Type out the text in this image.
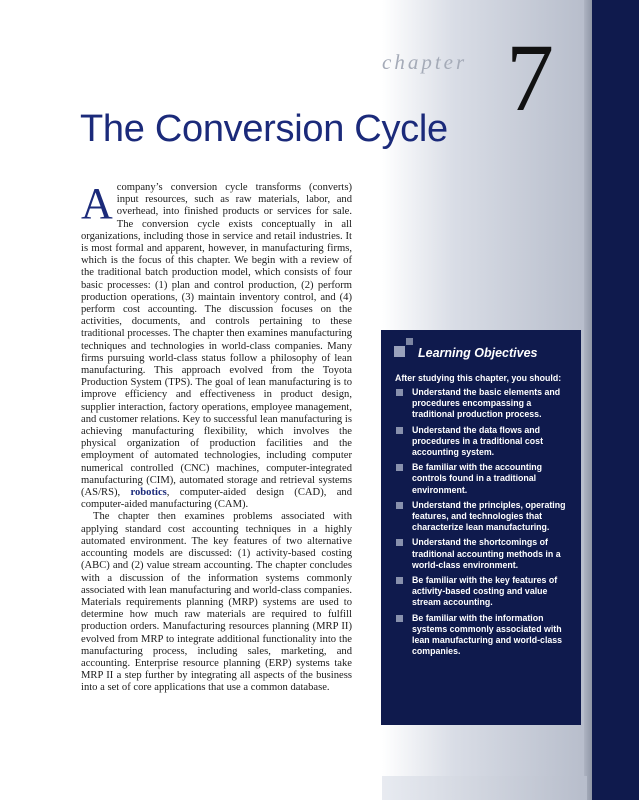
chapter 7
The Conversion Cycle

Acompany’s conversion cycle transforms (converts) input resources, such as raw materials, labor, and overhead, into finished products or services for sale. The conversion cycle exists conceptually in all organizations, including those in service and retail industries. It is most formal and apparent, however, in manufacturing firms, which is the focus of this chapter. We begin with a review of the traditional batch production model, which consists of four basic processes: (1) plan and control production, (2) perform production operations, (3) maintain inventory control, and (4) perform cost accounting. The discussion focuses on the activities, documents, and controls pertaining to these traditional processes. The chapter then examines manufacturing techniques and technologies in world-class companies. Many firms pursuing world-class status follow a philosophy of lean manufacturing. This approach evolved from the Toyota Production System (TPS). The goal of lean manufacturing is to improve efficiency and effectiveness in product design, supplier interaction, factory operations, employee management, and customer relations. Key to successful lean manufacturing is achieving manufacturing flexibility, which involves the physical organization of production facilities and the employment of automated technologies, including computer numerical controlled (CNC) machines, computer-integrated manufacturing (CIM), automated storage and retrieval systems (AS/RS), robotics, computer-aided design (CAD), and computer-aided manufacturing (CAM).

The chapter then examines problems associated with applying standard cost accounting techniques in a highly automated environment. The key features of two alternative accounting models are discussed: (1) activity-based costing (ABC) and (2) value stream accounting. The chapter concludes with a discussion of the information systems commonly associated with lean manufacturing and world-class companies. Materials requirements planning (MRP) systems are used to determine how much raw materials are required to fulfill production orders. Manufacturing resources planning (MRP II) evolved from MRP to integrate additional functionality into the manufacturing process, including sales, marketing, and accounting. Enterprise resource planning (ERP) systems take MRP II a step further by integrating all aspects of the business into a set of core applications that use a common database.

Learning Objectives
After studying this chapter, you should:
Understand the basic elements and procedures encompassing a traditional production process.
Understand the data flows and procedures in a traditional cost accounting system.
Be familiar with the accounting controls found in a traditional environment.
Understand the principles, operating features, and technologies that characterize lean manufacturing.
Understand the shortcomings of traditional accounting methods in a world-class environment.
Be familiar with the key features of activity-based costing and value stream accounting.
Be familiar with the information systems commonly associated with lean manufacturing and world-class companies.
